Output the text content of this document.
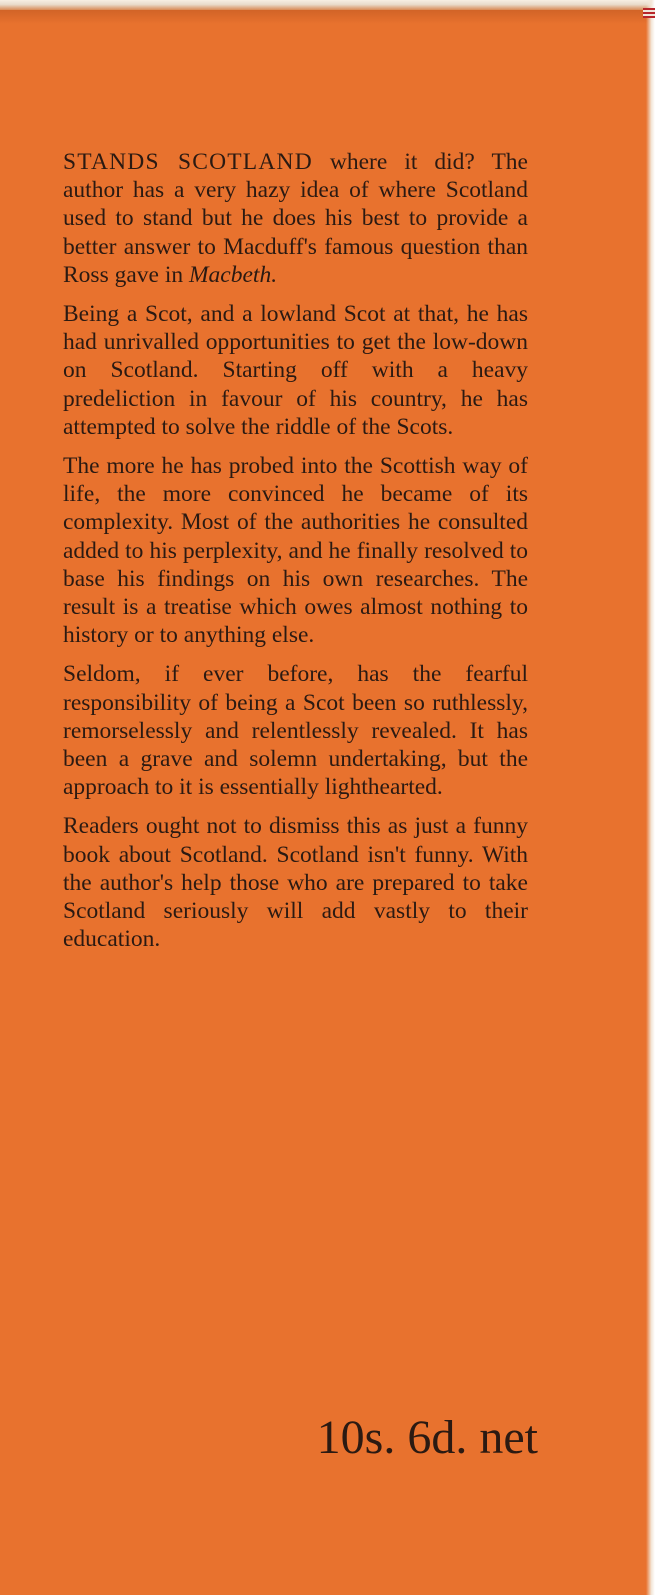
STANDS SCOTLAND where it did? The author has a very hazy idea of where Scotland used to stand but he does his best to provide a better answer to Macduff's famous question than Ross gave in Macbeth.

Being a Scot, and a lowland Scot at that, he has had unrivalled opportunities to get the low-down on Scotland. Starting off with a heavy predeliction in favour of his country, he has attempted to solve the riddle of the Scots.

The more he has probed into the Scottish way of life, the more convinced he became of its complexity. Most of the authorities he consulted added to his perplexity, and he finally resolved to base his findings on his own researches. The result is a treatise which owes almost nothing to history or to anything else.

Seldom, if ever before, has the fearful responsibility of being a Scot been so ruthlessly, remorselessly and relentlessly revealed. It has been a grave and solemn undertaking, but the approach to it is essentially lighthearted.

Readers ought not to dismiss this as just a funny book about Scotland. Scotland isn't funny. With the author's help those who are prepared to take Scotland seriously will add vastly to their education.

10s. 6d. net
